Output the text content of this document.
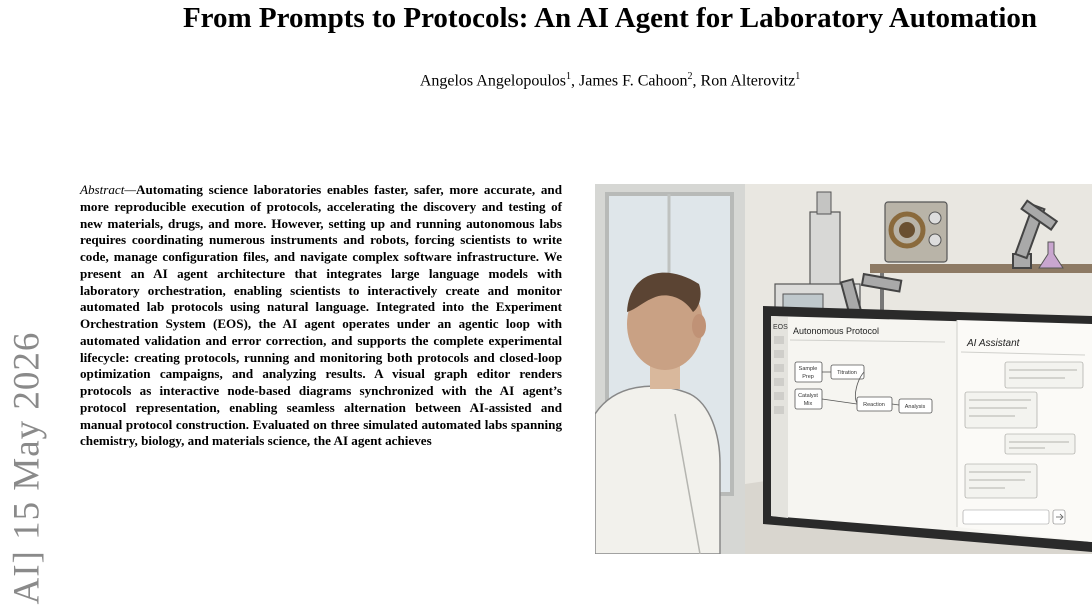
From Prompts to Protocols: An AI Agent for Laboratory Automation
Angelos Angelopoulos$^1$, James F. Cahoon$^2$, Ron Alterovitz$^1$
AI] 15 May 2026
Abstract—Automating science laboratories enables faster, safer, more accurate, and more reproducible execution of protocols, accelerating the discovery and testing of new materials, drugs, and more. However, setting up and running autonomous labs requires coordinating numerous instruments and robots, forcing scientists to write code, manage configuration files, and navigate complex software infrastructure. We present an AI agent architecture that integrates large language models with laboratory orchestration, enabling scientists to interactively create and monitor automated lab protocols using natural language. Integrated into the Experiment Orchestration System (EOS), the AI agent operates under an agentic loop with automated validation and error correction, and supports the complete experimental lifecycle: creating protocols, running and monitoring both protocols and closed-loop optimization campaigns, and analyzing results. A visual graph editor renders protocols as interactive node-based diagrams synchronized with the AI agent’s protocol representation, enabling seamless alternation between AI-assisted and manual protocol construction. Evaluated on three simulated automated labs spanning chemistry, biology, and materials science, the AI agent achieves
EOS Autonomous Protocol
Sample
Prep
Titration
Catalyst
Mix	Reaction	Analysis
AI Assistant
